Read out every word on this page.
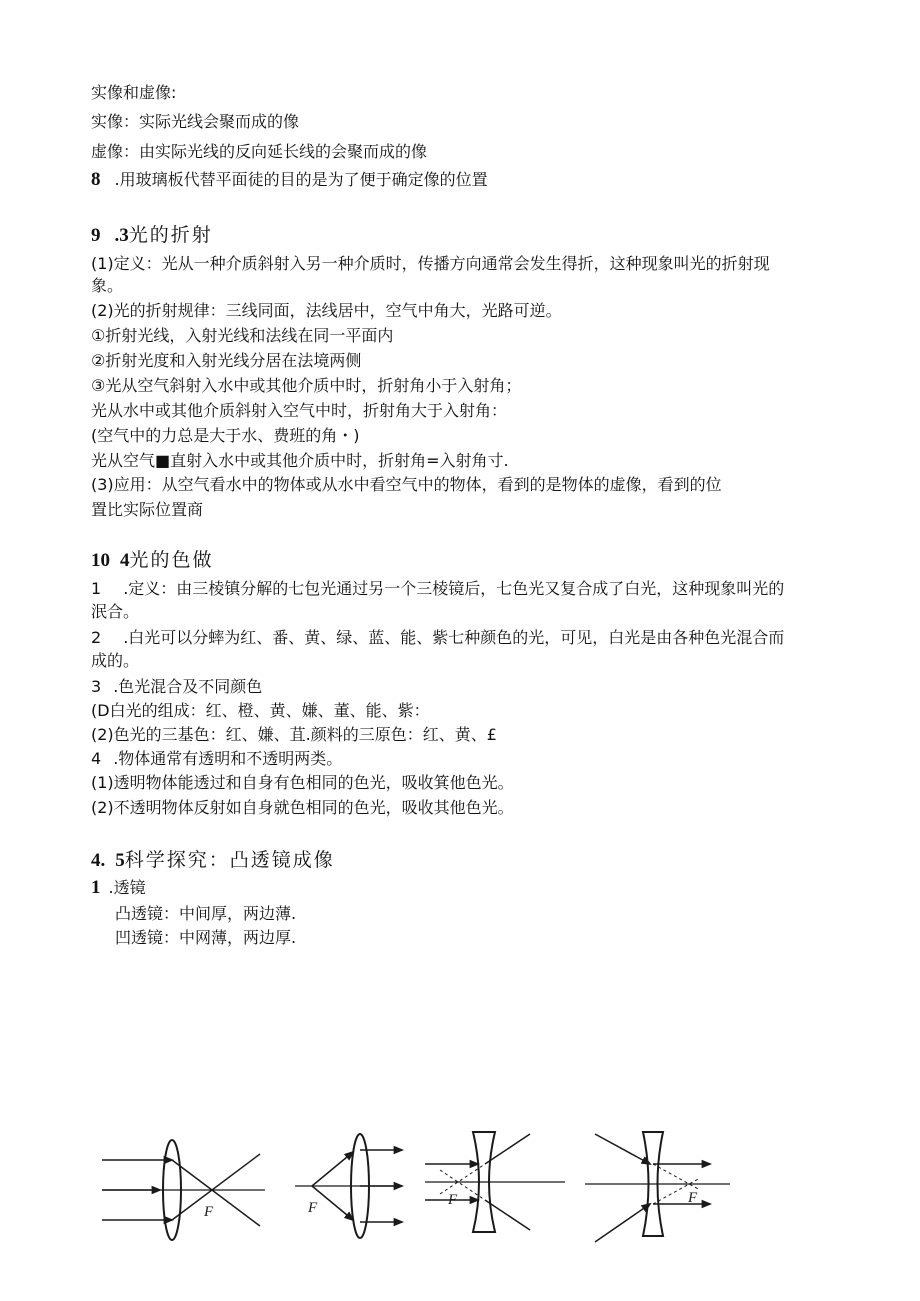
实像和虚像:
实像：实际光线会聚而成的像
虚像：由实际光线的反向延长线的会聚而成的像
8 .用玻璃板代替平面徒的目的是为了便于确定像的位置
9 .3光的折射
(1)定义：光从一种介质斜射入另一种介质时，传播方向通常会发生得折，这种现象叫光的折射现
象。
(2)光的折射规律：三线同面，法线居中，空气中角大，光路可逆。
①折射光线，入射光线和法线在同一平面内
②折射光度和入射光线分居在法境两侧
③光从空气斜射入水中或其他介质中时，折射角小于入射角；
光从水中或其他介质斜射入空气中时，折射角大于入射角：
(空气中的力总是大于水、费班的角・)
光从空气■直射入水中或其他介质中时，折射角=入射角寸.
(3)应用：从空气看水中的物体或从水中看空气中的物体，看到的是物体的虚像，看到的位
置比实际位置商
10 4光的色做
1 .定义：由三棱镇分解的七包光通过另一个三棱镜后，七色光又复合成了白光，这种现象叫光的
泯合。
2 .白光可以分蟀为红、番、黄、绿、蓝、能、紫七种颜色的光，可见，白光是由各种色光混合而
成的。
3 .色光混合及不同颜色
(D白光的组成：红、橙、黄、嫌、董、能、紫：
(2)色光的三基色：红、嫌、苴.颜料的三原色：红、黄、£
4 .物体通常有透明和不透明两类。
(1)透明物体能透过和自身有色相同的色光，吸收箕他色光。
(2)不透明物体反射如自身就色相同的色光，吸收其他色光。
4. 5科学探究：凸透镜成像
1 .透镜
凸透镜：中间厚，两边薄.
凹透镜：中网薄，两边厚.
F	F	F	F
